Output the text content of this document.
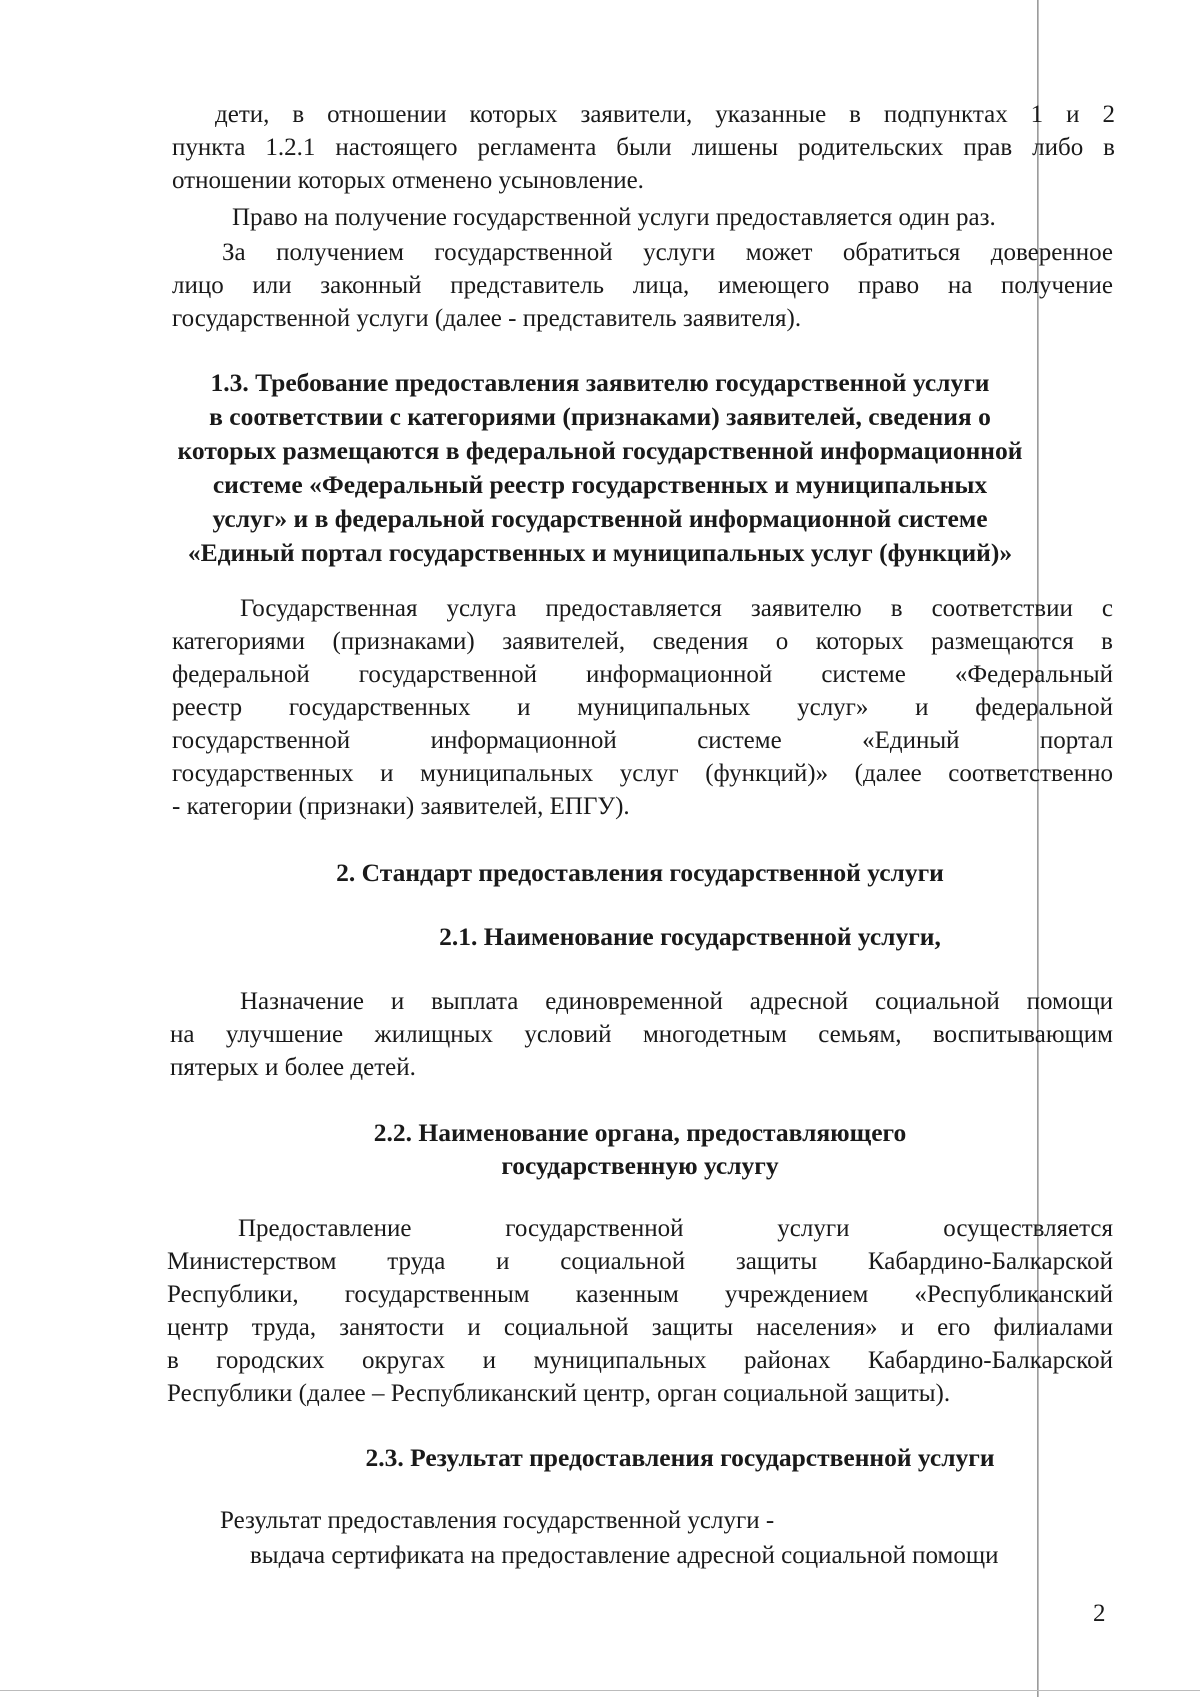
дети, в отношении которых заявители, указанные в подпунктах 1 и 2

пункта 1.2.1 настоящего регламента были лишены родительских прав либо в

отношении которых отменено усыновление.

Право на получение государственной услуги предоставляется один раз.

За получением государственной услуги может обратиться доверенное

лицо или законный представитель лица, имеющего право на получение

государственной услуги (далее - представитель заявителя).

1.3. Требование предоставления заявителю государственной услуги

в соответствии с категориями (признаками) заявителей, сведения о

которых размещаются в федеральной государственной информационной

системе «Федеральный реестр государственных и муниципальных

услуг» и в федеральной государственной информационной системе

«Единый портал государственных и муниципальных услуг (функций)»

Государственная услуга предоставляется заявителю в соответствии с

категориями (признаками) заявителей, сведения о которых размещаются в

федеральной государственной информационной системе «Федеральный

реестр государственных и муниципальных услуг» и федеральной

государственной информационной системе «Единый портал

государственных и муниципальных услуг (функций)» (далее соответственно

- категории (признаки) заявителей, ЕПГУ).

2. Стандарт предоставления государственной услуги

2.1. Наименование государственной услуги,

Назначение и выплата единовременной адресной социальной помощи

на улучшение жилищных условий многодетным семьям, воспитывающим

пятерых и более детей.

2.2. Наименование органа, предоставляющего

государственную услугу

Предоставление государственной услуги осуществляется

Министерством труда и социальной защиты Кабардино-Балкарской

Республики, государственным казенным учреждением «Республиканский

центр труда, занятости и социальной защиты населения» и его филиалами

в городских округах и муниципальных районах Кабардино-Балкарской

Республики (далее – Республиканский центр, орган социальной защиты).

2.3. Результат предоставления государственной услуги

Результат предоставления государственной услуги -

выдача сертификата на предоставление адресной социальной помощи

2
